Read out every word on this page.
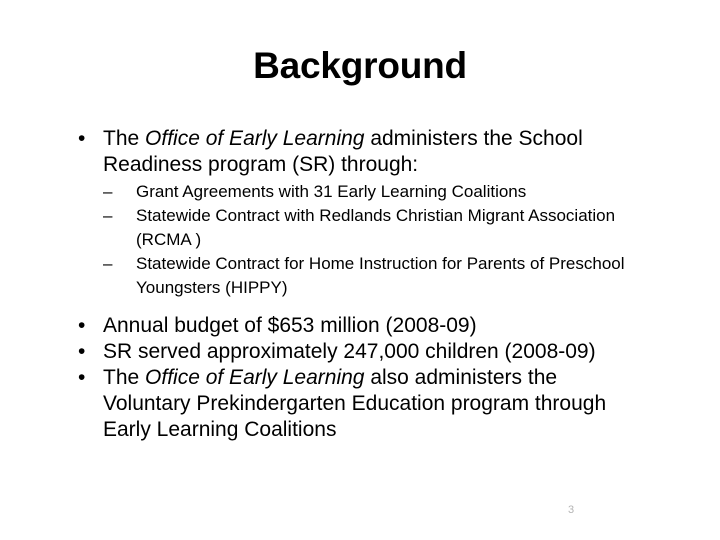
Background
• The Office of Early Learning administers the School Readiness program (SR) through:
– Grant Agreements with 31 Early Learning Coalitions
– Statewide Contract with Redlands Christian Migrant Association (RCMA )
– Statewide Contract for Home Instruction for Parents of Preschool Youngsters (HIPPY)
• Annual budget of $653 million (2008-09)
• SR served approximately 247,000 children (2008-09)
• The Office of Early Learning also administers the Voluntary Prekindergarten Education program through Early Learning Coalitions
3
